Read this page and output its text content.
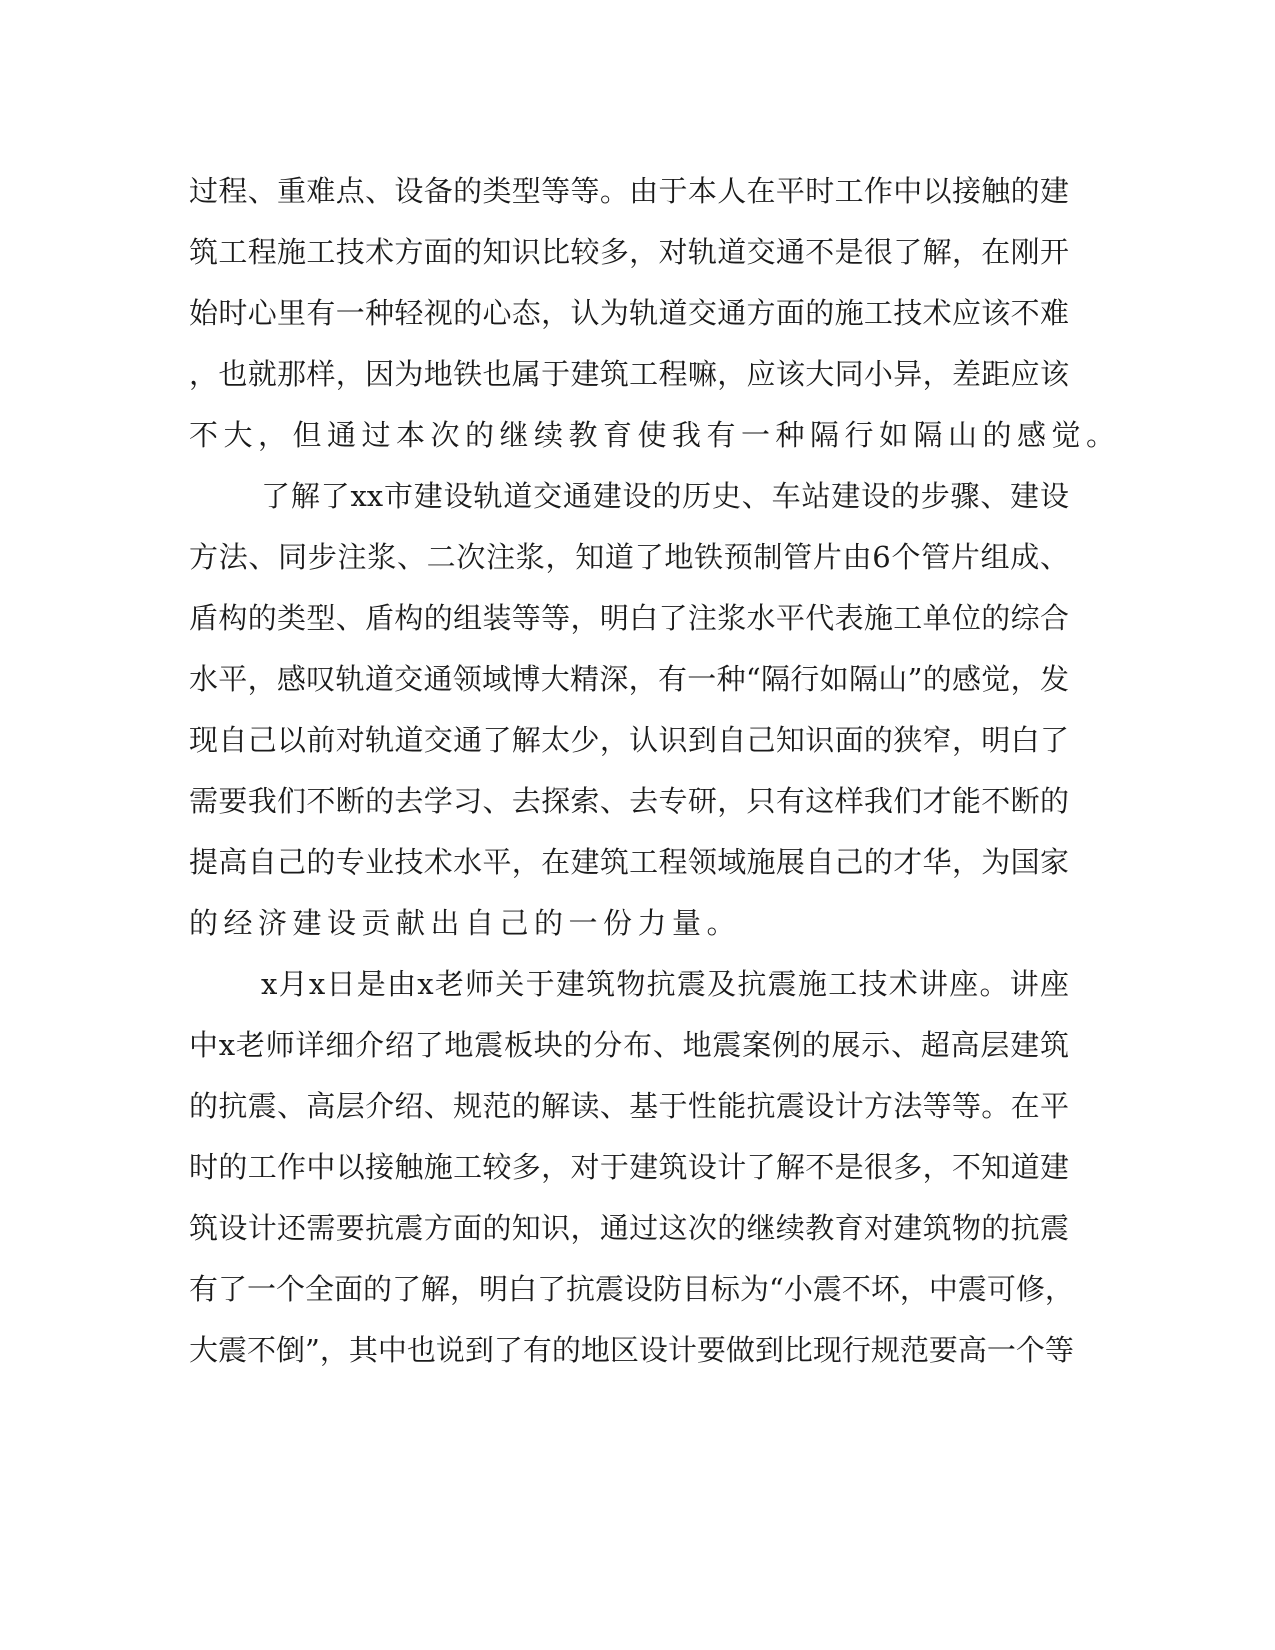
过程、重难点、设备的类型等等。由于本人在平时工作中以接触的建
筑工程施工技术方面的知识比较多，对轨道交通不是很了解，在刚开
始时心里有一种轻视的心态，认为轨道交通方面的施工技术应该不难
，也就那样，因为地铁也属于建筑工程嘛，应该大同小异，差距应该
不大，但通过本次的继续教育使我有一种隔行如隔山的感觉。
了解了xx市建设轨道交通建设的历史、车站建设的步骤、建设
方法、同步注浆、二次注浆，知道了地铁预制管片由6个管片组成、
盾构的类型、盾构的组装等等，明白了注浆水平代表施工单位的综合
水平，感叹轨道交通领域博大精深，有一种“隔行如隔山”的感觉，发
现自己以前对轨道交通了解太少，认识到自己知识面的狭窄，明白了
需要我们不断的去学习、去探索、去专研，只有这样我们才能不断的
提高自己的专业技术水平，在建筑工程领域施展自己的才华，为国家
的经济建设贡献出自己的一份力量。
x月x日是由x老师关于建筑物抗震及抗震施工技术讲座。讲座
中x老师详细介绍了地震板块的分布、地震案例的展示、超高层建筑
的抗震、高层介绍、规范的解读、基于性能抗震设计方法等等。在平
时的工作中以接触施工较多，对于建筑设计了解不是很多，不知道建
筑设计还需要抗震方面的知识，通过这次的继续教育对建筑物的抗震
有了一个全面的了解，明白了抗震设防目标为“小震不坏，中震可修，
大震不倒”，其中也说到了有的地区设计要做到比现行规范要高一个等
